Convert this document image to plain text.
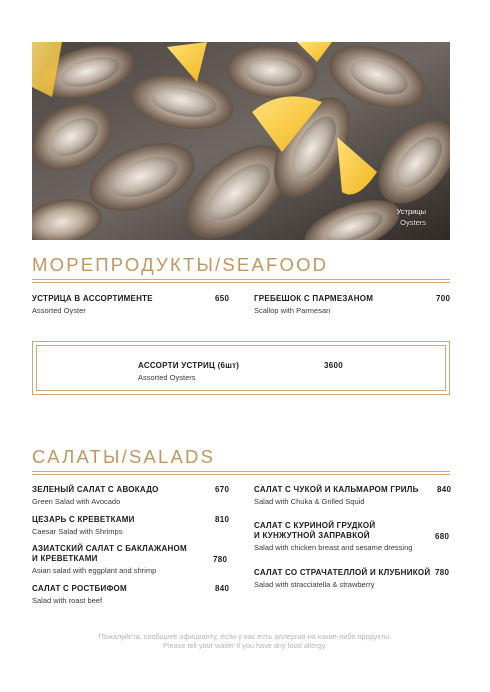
Устрицы
Oysters
МОРЕПРОДУКТЫ/SEAFOOD
УСТРИЦА В АССОРТИМЕНТЕ
Assorted Oyster
650	ГРЕБЕШОК С ПАРМЕЗАНОМ
Scallop with Parmesan
700
АССОРТИ УСТРИЦ (6шт)
Assorted Oysters
3600
САЛАТЫ/SALADS
ЗЕЛЕНЫЙ САЛАТ С АВОКАДО
Green Salad with Avocado
670
ЦЕЗАРЬ С КРЕВЕТКАМИ
Caesar Salad with Shrimps
810
АЗИАТСКИЙ САЛАТ С БАКЛАЖАНОМ
И КРЕВЕТКАМИ
Asian salad with eggplant and shrimp
780
САЛАТ С РОСТБИФОМ
Salad with roast beef
840
САЛАТ С ЧУКОЙ И КАЛЬМАРОМ ГРИЛЬ
Salad with Chuka & Grilled Squid
840
САЛАТ С КУРИНОЙ ГРУДКОЙ
И КУНЖУТНОЙ ЗАПРАВКОЙ
Salad with chicken breast and sesame dressing
680
САЛАТ СО СТРАЧАТЕЛЛОЙ И КЛУБНИКОЙ
Salad with stracciatella & strawberry
780
Пожалуйста, сообщите официанту, если у вас есть аллергия на какие-либо продукты.
Please tell your waiter if you have any food allergy.
